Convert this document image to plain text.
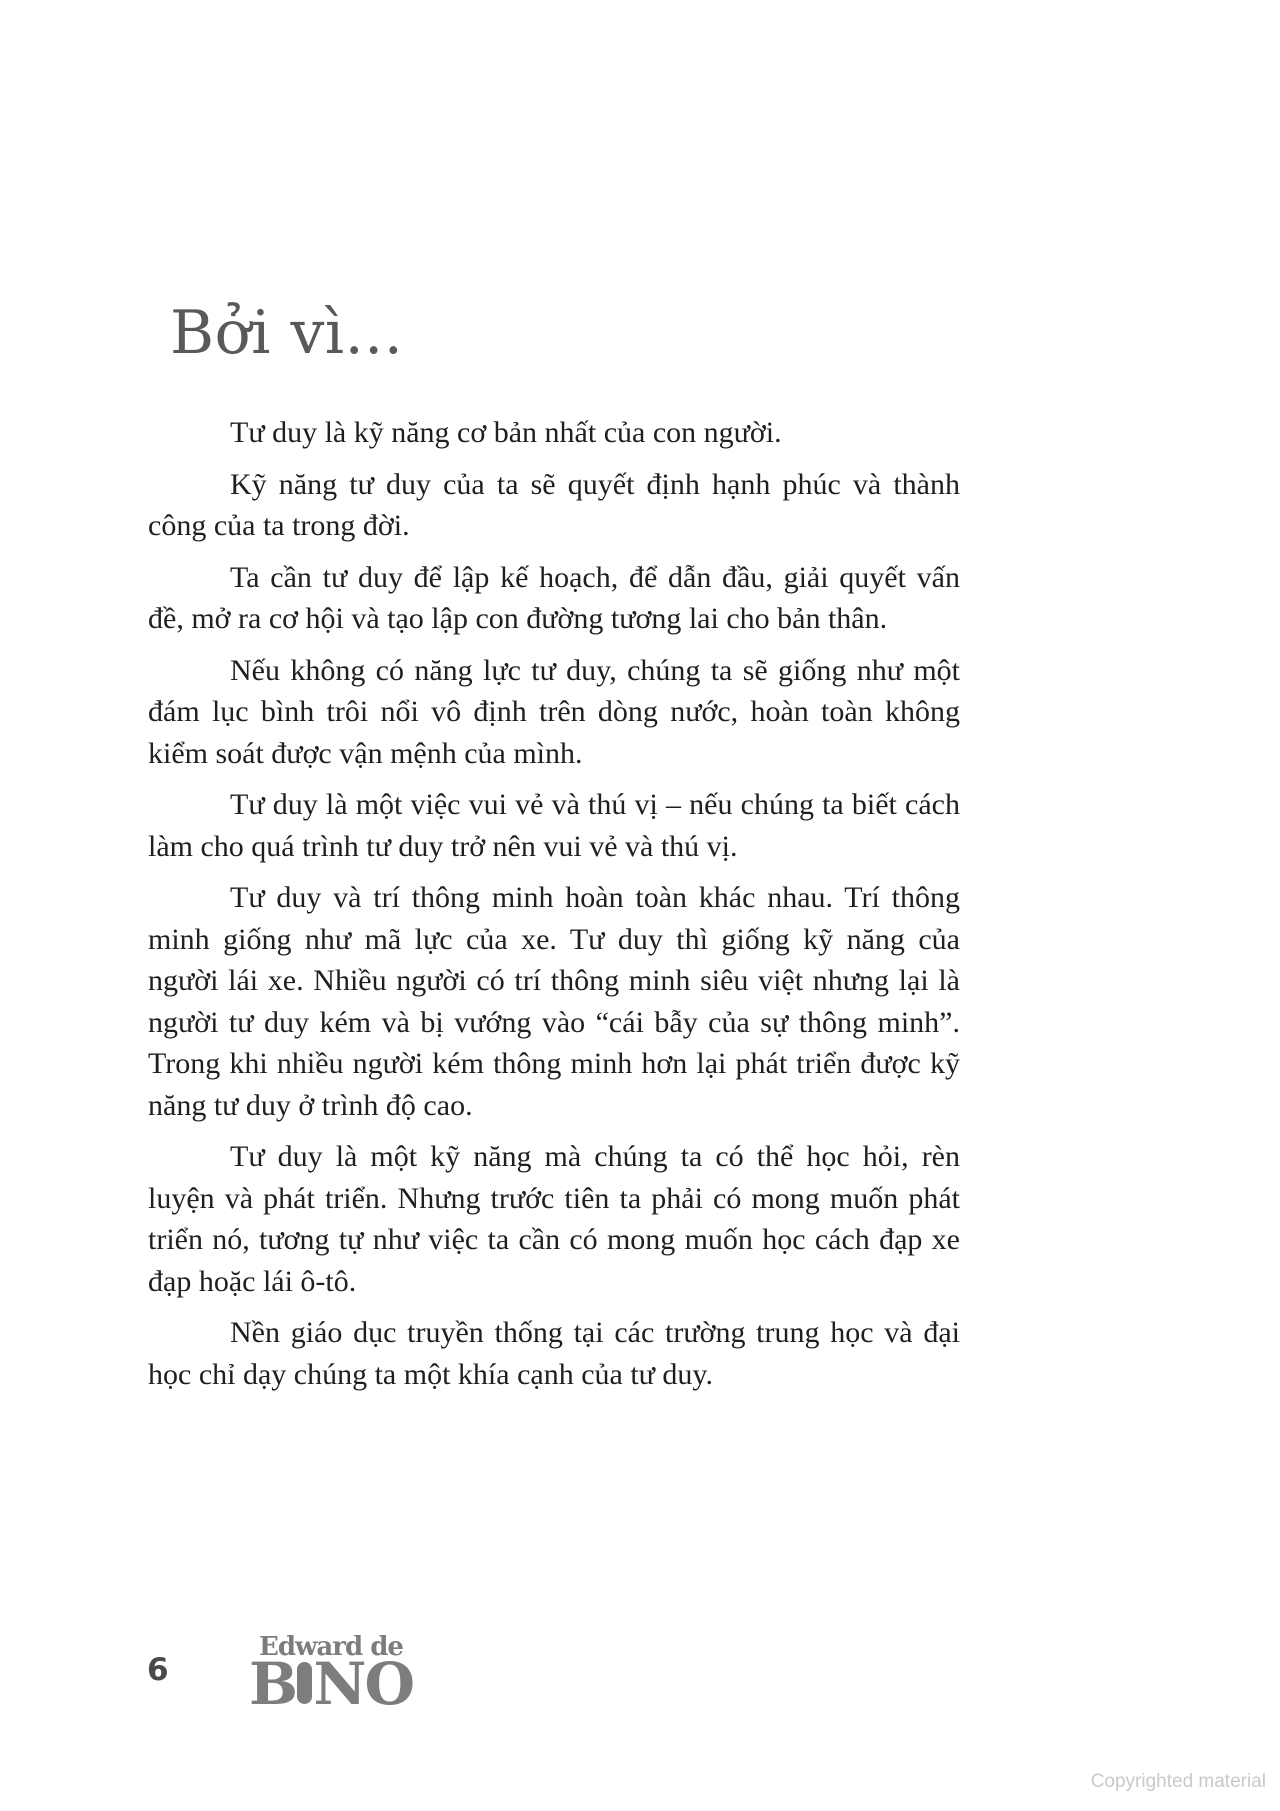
Bởi vì...

Tư duy là kỹ năng cơ bản nhất của con người.

Kỹ năng tư duy của ta sẽ quyết định hạnh phúc và thành công của ta trong đời.

Ta cần tư duy để lập kế hoạch, để dẫn đầu, giải quyết vấn đề, mở ra cơ hội và tạo lập con đường tương lai cho bản thân.

Nếu không có năng lực tư duy, chúng ta sẽ giống như một đám lục bình trôi nổi vô định trên dòng nước, hoàn toàn không kiểm soát được vận mệnh của mình.

Tư duy là một việc vui vẻ và thú vị – nếu chúng ta biết cách làm cho quá trình tư duy trở nên vui vẻ và thú vị.

Tư duy và trí thông minh hoàn toàn khác nhau. Trí thông minh giống như mã lực của xe. Tư duy thì giống kỹ năng của người lái xe. Nhiều người có trí thông minh siêu việt nhưng lại là người tư duy kém và bị vướng vào “cái bẫy của sự thông minh”. Trong khi nhiều người kém thông minh hơn lại phát triển được kỹ năng tư duy ở trình độ cao.

Tư duy là một kỹ năng mà chúng ta có thể học hỏi, rèn luyện và phát triển. Nhưng trước tiên ta phải có mong muốn phát triển nó, tương tự như việc ta cần có mong muốn học cách đạp xe đạp hoặc lái ô-tô.

Nền giáo dục truyền thống tại các trường trung học và đại học chỉ dạy chúng ta một khía cạnh của tư duy.

6
Edward de
B NO
Copyrighted material
